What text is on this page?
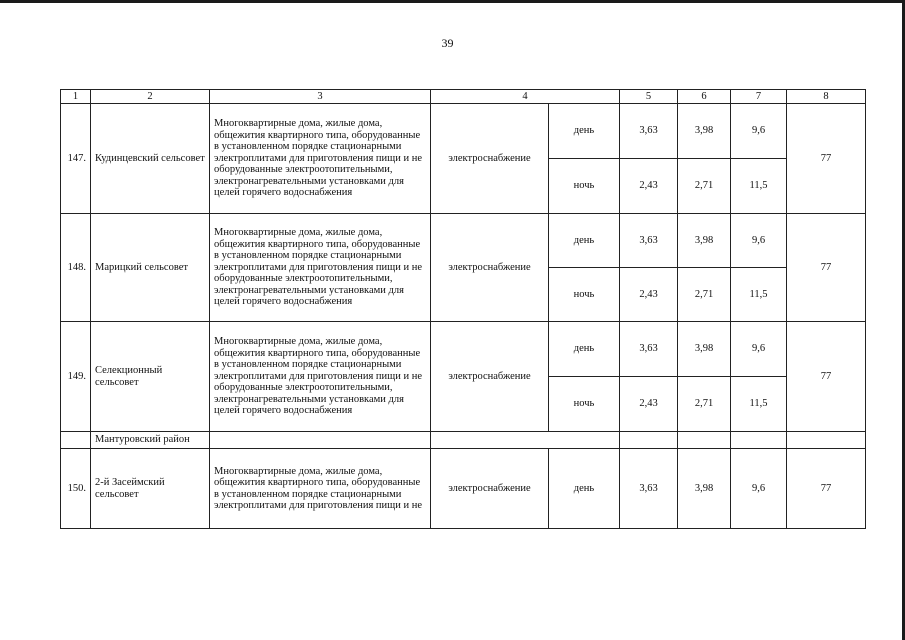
39
1	2	3	4		5	6	7	8
147.	Кудинцевский сельсовет	Многоквартирные дома, жилые дома, общежития квартирного типа, оборудованные в установленном порядке стационарными электроплитами для приготовления пищи и не оборудованные электроотопительными, электронагревательными установками для целей горячего водоснабжения	электроснабжение	день	3,63	3,98	9,6	77
				ночь	2,43	2,71	11,5	
148.	Марицкий сельсовет	Многоквартирные дома, жилые дома, общежития квартирного типа, оборудованные в установленном порядке стационарными электроплитами для приготовления пищи и не оборудованные электроотопительными, электронагревательными установками для целей горячего водоснабжения	электроснабжение	день	3,63	3,98	9,6	77
				ночь	2,43	2,71	11,5	
149.	Селекционный сельсовет	Многоквартирные дома, жилые дома, общежития квартирного типа, оборудованные в установленном порядке стационарными электроплитами для приготовления пищи и не оборудованные электроотопительными, электронагревательными установками для целей горячего водоснабжения	электроснабжение	день	3,63	3,98	9,6	77
				ночь	2,43	2,71	11,5	
	Мантуровский район							
150.	2-й Засеймский сельсовет	Многоквартирные дома, жилые дома, общежития квартирного типа, оборудованные в установленном порядке стационарными электроплитами для приготовления пищи и не	электроснабжение	день	3,63	3,98	9,6	77
